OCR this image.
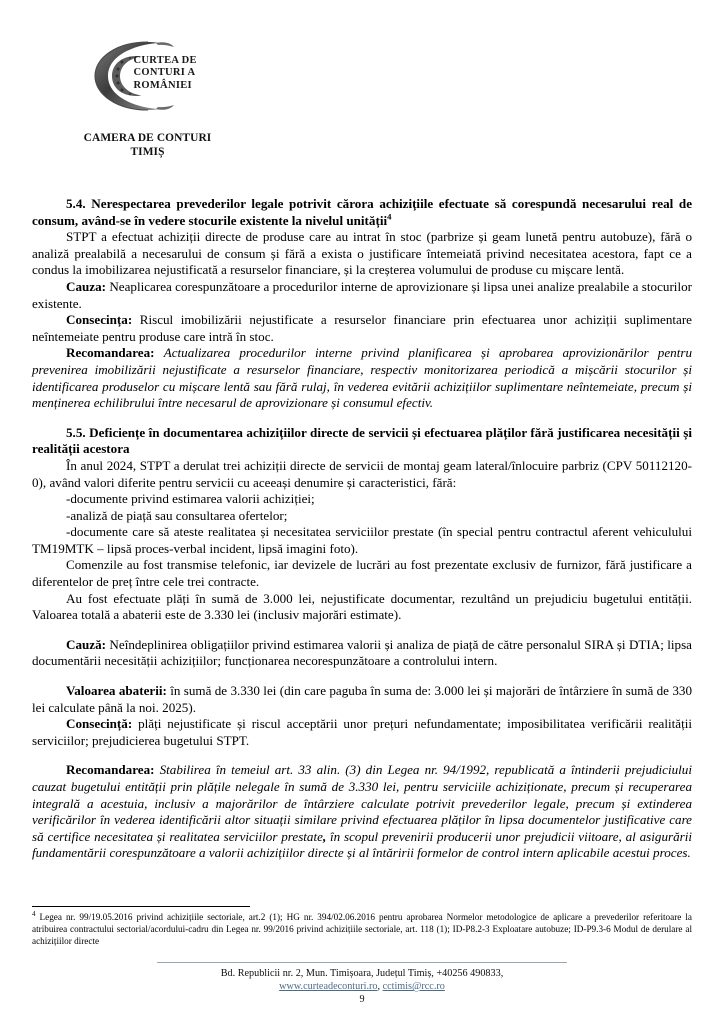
CURTEA DE
CONTURI A
ROMÂNIEI
CAMERA DE CONTURI
TIMIȘ

5.4. Nerespectarea prevederilor legale potrivit cărora achizițiile efectuate să corespundă necesarului real de consum, având-se în vedere stocurile existente la nivelul unității$^4$

STPT a efectuat achiziții directe de produse care au intrat în stoc (parbrize și geam lunetă pentru autobuze), fără o analiză prealabilă a necesarului de consum și fără a exista o justificare întemeiată privind necesitatea acestora, fapt ce a condus la imobilizarea nejustificată a resurselor financiare, și la creșterea volumului de produse cu mișcare lentă.

Cauza: Neaplicarea corespunzătoare a procedurilor interne de aprovizionare și lipsa unei analize prealabile a stocurilor existente.

Consecința: Riscul imobilizării nejustificate a resurselor financiare prin efectuarea unor achiziții suplimentare neîntemeiate pentru produse care intră în stoc.

Recomandarea: Actualizarea procedurilor interne privind planificarea și aprobarea aprovizionărilor pentru prevenirea imobilizării nejustificate a resurselor financiare, respectiv monitorizarea periodică a mișcării stocurilor și identificarea produselor cu mișcare lentă sau fără rulaj, în vederea evitării achizițiilor suplimentare neîntemeiate, precum și menținerea echilibrului între necesarul de aprovizionare și consumul efectiv.

5.5. Deficiențe în documentarea achizițiilor directe de servicii și efectuarea plăților fără justificarea necesității și realității acestora

În anul 2024, STPT a derulat trei achiziții directe de servicii de montaj geam lateral/înlocuire parbriz (CPV 50112120-0), având valori diferite pentru servicii cu aceeași denumire și caracteristici, fără:

-documente privind estimarea valorii achiziției;

-analiză de piață sau consultarea ofertelor;

-documente care să ateste realitatea și necesitatea serviciilor prestate (în special pentru contractul aferent vehiculului TM19MTK – lipsă proces-verbal incident, lipsă imagini foto).

Comenzile au fost transmise telefonic, iar devizele de lucrări au fost prezentate exclusiv de furnizor, fără justificare a diferentelor de preț între cele trei contracte.

Au fost efectuate plăți în sumă de 3.000 lei, nejustificate documentar, rezultând un prejudiciu bugetului entității. Valoarea totală a abaterii este de 3.330 lei (inclusiv majorări estimate).

Cauză: Neîndeplinirea obligațiilor privind estimarea valorii și analiza de piață de către personalul SIRA și DTIA; lipsa documentării necesității achizițiilor; funcționarea necorespunzătoare a controlului intern.

Valoarea abaterii: în sumă de 3.330 lei (din care paguba în suma de: 3.000 lei și majorări de întârziere în sumă de 330 lei calculate până la noi. 2025).

Consecință: plăți nejustificate și riscul acceptării unor prețuri nefundamentate; imposibilitatea verificării realității serviciilor; prejudicierea bugetului STPT.

Recomandarea: Stabilirea în temeiul art. 33 alin. (3) din Legea nr. 94/1992, republicată a întinderii prejudiciului cauzat bugetului entității prin plățile nelegale în sumă de 3.330 lei, pentru serviciile achiziționate, precum și recuperarea integrală a acestuia, inclusiv a majorărilor de întârziere calculate potrivit prevederilor legale, precum și extinderea verificărilor în vederea identificării altor situații similare privind efectuarea plăților în lipsa documentelor justificative care să certifice necesitatea și realitatea serviciilor prestate, în scopul prevenirii producerii unor prejudicii viitoare, al asigurării fundamentării corespunzătoare a valorii achizițiilor directe și al întăririi formelor de control intern aplicabile acestui proces.

$^4$ Legea nr. 99/19.05.2016 privind achizițiile sectoriale, art.2 (1); HG nr. 394/02.06.2016 pentru aprobarea Normelor metodologice de aplicare a prevederilor referitoare la atribuirea contractului sectorial/acordului-cadru din Legea nr. 99/2016 privind achizițiile sectoriale, art. 118 (1); ID-P8.2-3 Exploatare autobuze; ID-P9.3-6 Modul de derulare al achizițiilor directe

Bd. Republicii nr. 2, Mun. Timișoara, Județul Timiș, +40256 490833,
www.curteadeconturi.ro, cctimis@rcc.ro
9
